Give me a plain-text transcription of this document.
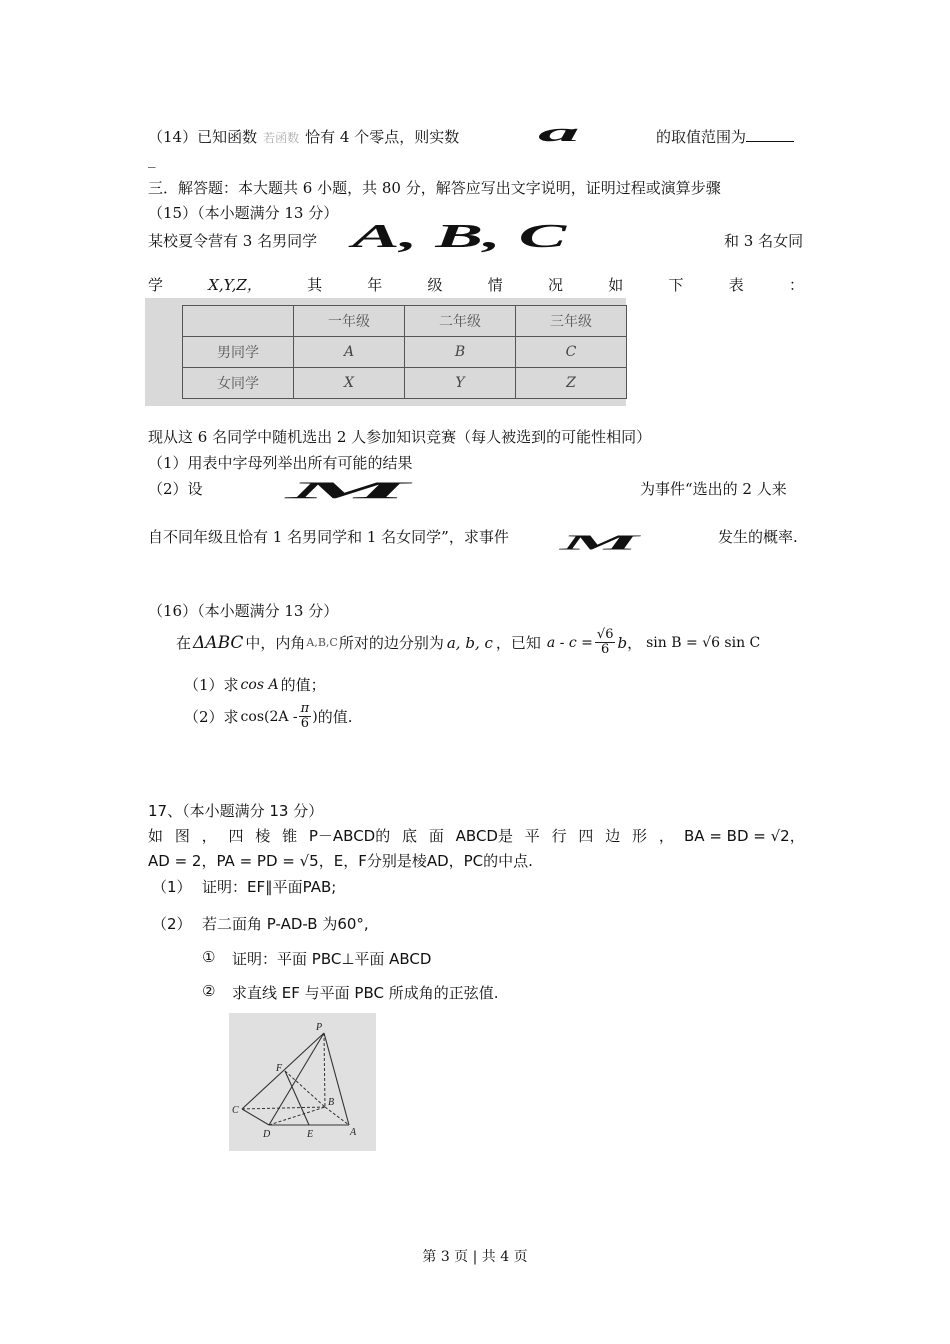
（14）已知函数 若函数 恰有 4 个零点，则实数	a	的取值范围为
_
三．解答题：本大题共 6 小题，共 80 分，解答应写出文字说明，证明过程或演算步骤
（15）（本小题满分 13 分）
某校夏令营有 3 名男同学 A, B, C	和 3 名女同
学	X,Y,Z，	其	年	级	情	况	如	下	表	：
	一年级	二年级	三年级
男同学	A	B	C
女同学	X	Y	Z
现从这 6 名同学中随机选出 2 人参加知识竞赛（每人被选到的可能性相同）
（1）用表中字母列举出所有可能的结果
（2）设	M	为事件“选出的 2 人来
自不同年级且恰有 1 名男同学和 1 名女同学”，求事件 M	发生的概率.
（16）（本小题满分 13 分）
在 ΔABC 中，内角 A,B,C 所对的边分别为 a, b, c ，已知 $a - c = \frac{√6}{6}$ b ， sin B = √6 sin C
（1）求 cos A 的值；
（2）求 $\cos(2A - \frac{\pi}{6}$ ) 的值.
17、（本小题满分 13 分）
如 图 ， 四 棱 锥 P－ABCD的 底 面 ABCD是 平 行 四 边 形 ， BA = BD = √2，
AD = 2，PA = PD = √5，E，F分别是棱AD，PC的中点.
（1） 证明：EF∥平面PAB;
（2） 若二面角 P-AD-B 为60°,
① 证明：平面 PBC⊥平面 ABCD
② 求直线 EF 与平面 PBC 所成角的正弦值.
P
F
B
C
D	E	A
第 3 页 | 共 4 页
